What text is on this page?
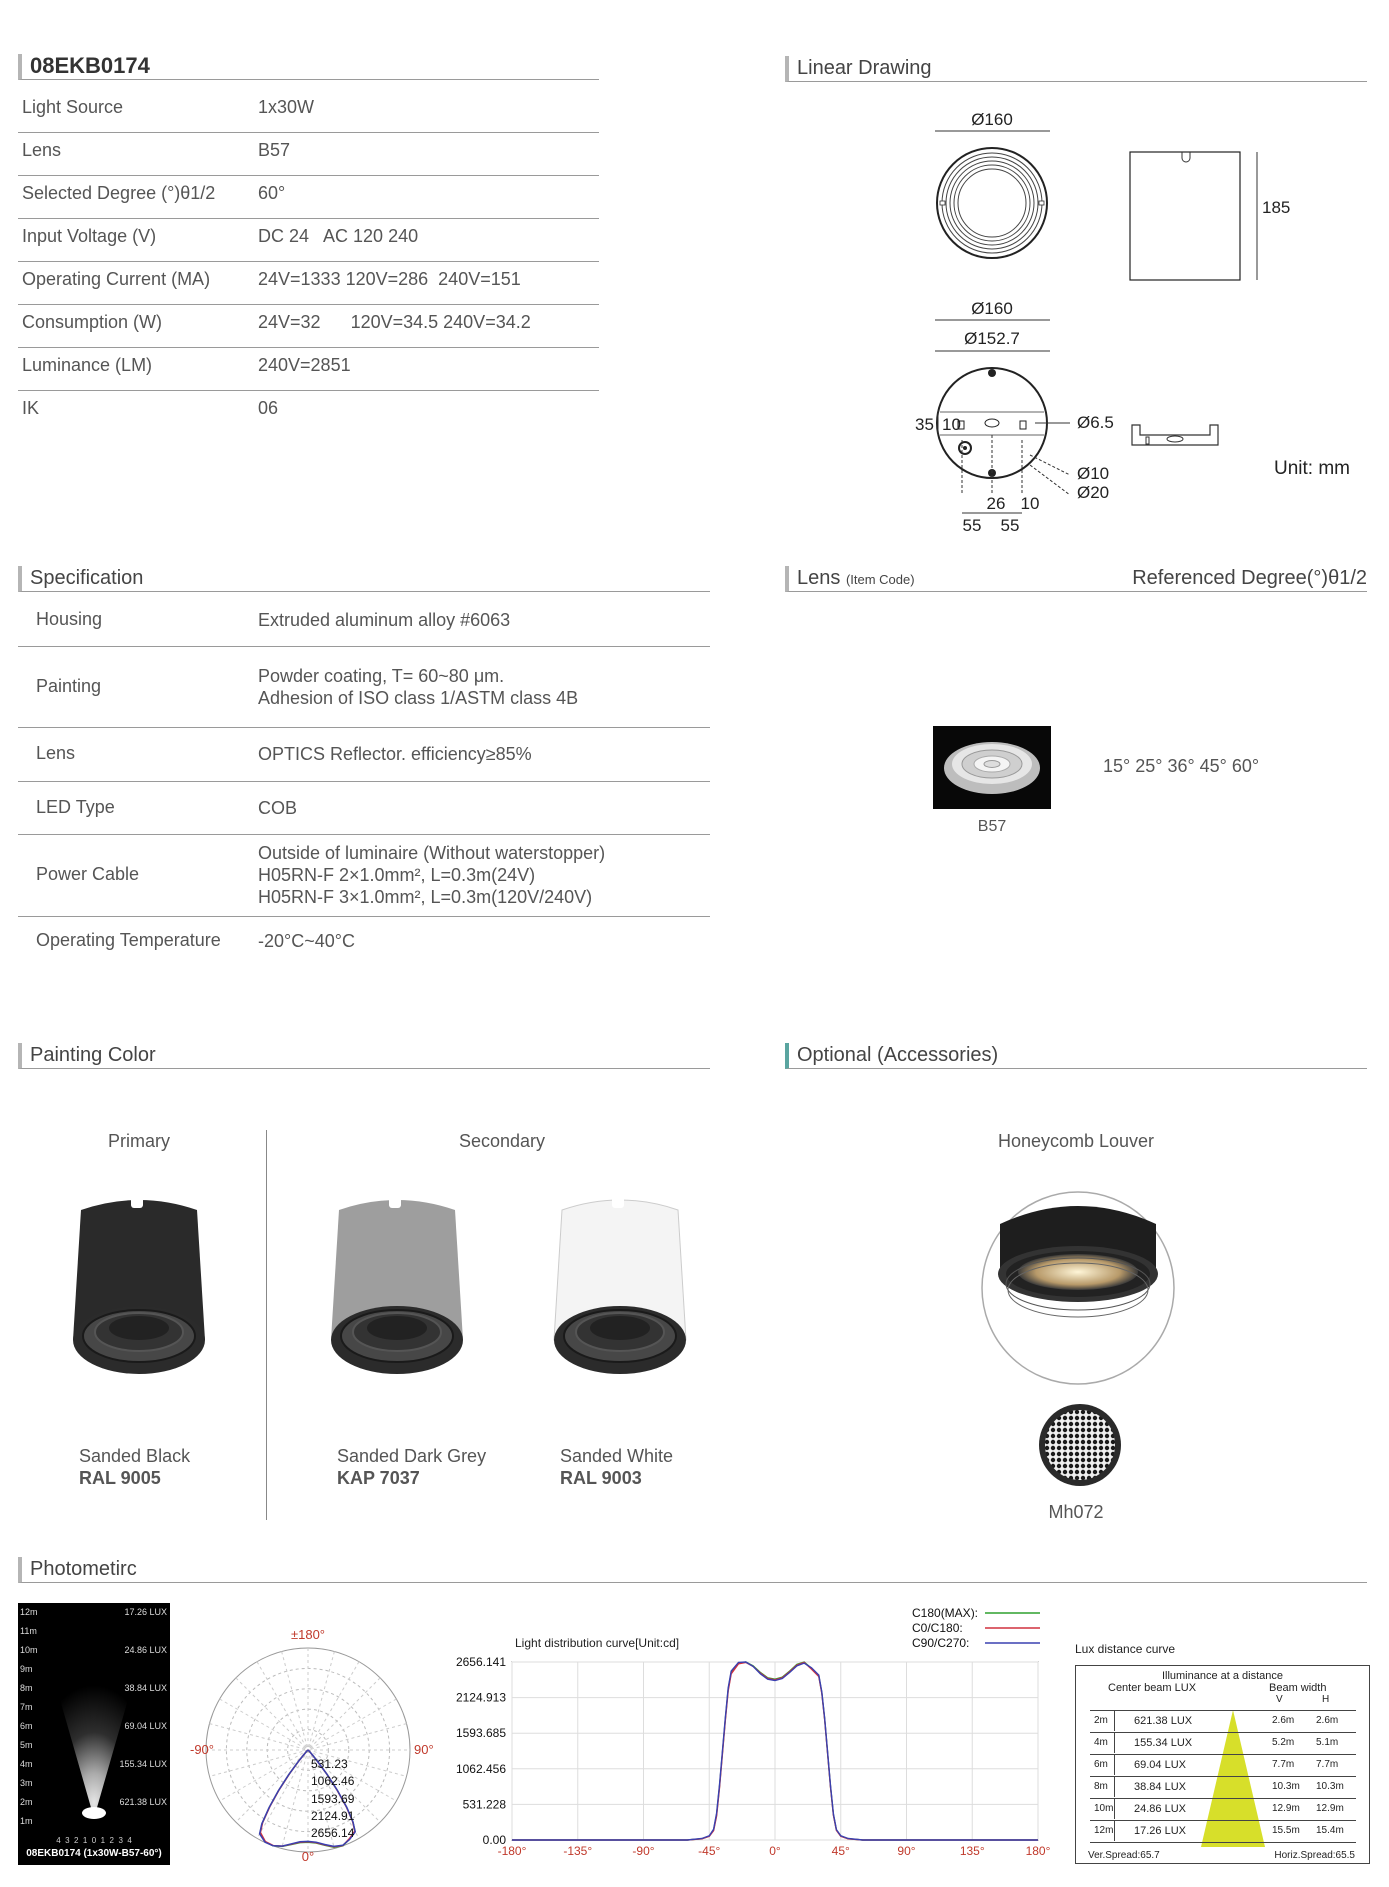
08EKB0174
Light Source	1x30W
Lens	B57
Selected Degree (°)θ1/2 60°
Input Voltage (V)	DC 24   AC 120 240
Operating Current (MA)	24V=1333 120V=286  240V=151
Consumption (W)	24V=32      120V=34.5 240V=34.2
Luminance (LM)	240V=2851
IK	06
Linear Drawing
Ø160
185
Ø160
Ø152.7
35 10	Ø6.5
Ø10
Ø20
26 10
55 55
Unit: mm
Specification
Housing	Extruded aluminum alloy #6063
Painting	Powder coating, T= 60~80 μm.
Adhesion of ISO class 1/ASTM class 4B
Lens	OPTICS Reflector. efficiency≥85%
LED Type	COB
Power Cable
Outside of luminaire (Without waterstopper)
H05RN-F 2×1.0mm², L=0.3m(24V)
H05RN-F 3×1.0mm², L=0.3m(120V/240V)
Operating Temperature -20°C~40°C
Lens (Item Code)	Referenced Degree(°)θ1/2
B57
15° 25° 36° 45° 60°
Painting Color
Primary	Secondary
Sanded Black
RAL 9005
Sanded Dark Grey
KAP 7037
Sanded White
RAL 9003
Optional (Accessories)
Honeycomb Louver
Mh072
Photometirc
12m
11m
10m
9m
8m
7m
6m
5m
4m
3m
2m
1m
17.26 LUX
24.86 LUX
38.84 LUX
69.04 LUX
155.34 LUX
621.38 LUX
4  3  2  1  0  1  2  3  4
08EKB0174 (1x30W-B57-60°)
531.23
1062.46
1593.69
2124.91
2656.14
±180°
-90°	90°
0°
Light distribution curve[Unit:cd]
-180°	-135°	-90°	-45°	0°	45°	90°	135°	180°
2656.141
2124.913
1593.685
1062.456
531.228
0.00
C180(MAX):
C0/C180:
C90/C270:	Lux distance curve
Illuminance at a distance
Center beam LUX	Beam width
V	H
2m 621.38 LUX	2.6m 2.6m
4m 155.34 LUX	5.2m 5.1m
6m 69.04 LUX	7.7m 7.7m
8m 38.84 LUX	10.3m 10.3m
10m 24.86 LUX	12.9m 12.9m
12m 17.26 LUX	15.5m 15.4m
Ver.Spread:65.7	Horiz.Spread:65.5
